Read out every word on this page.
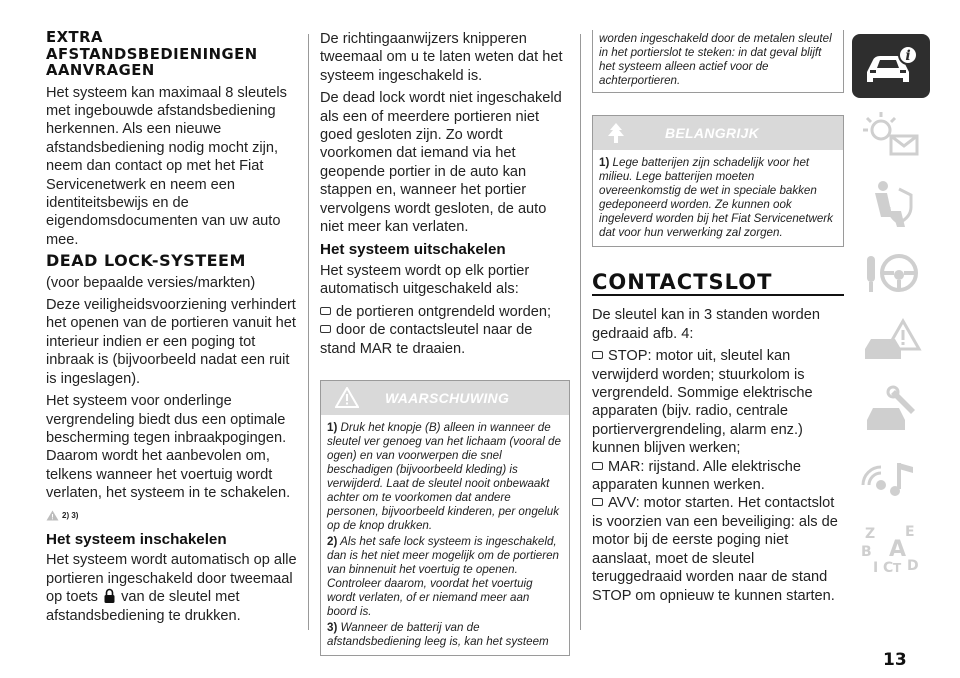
EXTRA AFSTANDSBEDIENINGEN AANVRAGEN

Het systeem kan maximaal 8 sleutels met ingebouwde afstandsbediening herkennen. Als een nieuwe afstandsbediening nodig mocht zijn, neem dan contact op met het Fiat Servicenetwerk en neem een identiteitsbewijs en de eigendomsdocumenten van uw auto mee.

DEAD LOCK-SYSTEEM

(voor bepaalde versies/markten)

Deze veiligheidsvoorziening verhindert het openen van de portieren vanuit het interieur indien er een poging tot inbraak is (bijvoorbeeld nadat een ruit is ingeslagen).

Het systeem voor onderlinge vergrendeling biedt dus een optimale bescherming tegen inbraakpogingen. Daarom wordt het aanbevolen om, telkens wanneer het voertuig wordt verlaten, het systeem in te schakelen.

2) 3)
Het systeem inschakelen

Het systeem wordt automatisch op alle portieren ingeschakeld door tweemaal op toets van de sleutel met afstandsbediening te drukken.

De richtingaanwijzers knipperen tweemaal om u te laten weten dat het systeem ingeschakeld is.

De dead lock wordt niet ingeschakeld als een of meerdere portieren niet goed gesloten zijn. Zo wordt voorkomen dat iemand via het geopende portier in de auto kan stappen en, wanneer het portier vervolgens wordt gesloten, de auto niet meer kan verlaten.

Het systeem uitschakelen

Het systeem wordt op elk portier automatisch uitgeschakeld als:

de portieren ontgrendeld worden;
door de contactsleutel naar de stand MAR te draaien.
WAARSCHUWING

1) Druk het knopje (B) alleen in wanneer de sleutel ver genoeg van het lichaam (vooral de ogen) en van voorwerpen die snel beschadigen (bijvoorbeeld kleding) is verwijderd. Laat de sleutel nooit onbewaakt achter om te voorkomen dat andere personen, bijvoorbeeld kinderen, per ongeluk op de knop drukken.

2) Als het safe lock systeem is ingeschakeld, dan is het niet meer mogelijk om de portieren van binnenuit het voertuig te openen. Controleer daarom, voordat het voertuig wordt verlaten, of er niemand meer aan boord is.

3) Wanneer de batterij van de afstandsbediening leeg is, kan het systeem

worden ingeschakeld door de metalen sleutel in het portierslot te steken: in dat geval blijft het systeem alleen actief voor de achterportieren.
BELANGRIJK

1) Lege batterijen zijn schadelijk voor het milieu. Lege batterijen moeten overeenkomstig de wet in speciale bakken gedeponeerd worden. Ze kunnen ook ingeleverd worden bij het Fiat Servicenetwerk dat voor hun verwerking zal zorgen.

CONTACTSLOT

De sleutel kan in 3 standen worden gedraaid afb. 4:

STOP: motor uit, sleutel kan verwijderd worden; stuurkolom is vergrendeld. Sommige elektrische apparaten (bijv. radio, centrale portiervergrendeling, alarm enz.) kunnen blijven werken;
MAR: rijstand. Alle elektrische apparaten kunnen werken.
AVV: motor starten. Het contactslot is voorzien van een beveiliging: als de motor bij de eerste poging niet aanslaat, moet de sleutel teruggedraaid worden naar de stand STOP om opnieuw te kunnen starten.
i
Z E
B A
I C T D
13
